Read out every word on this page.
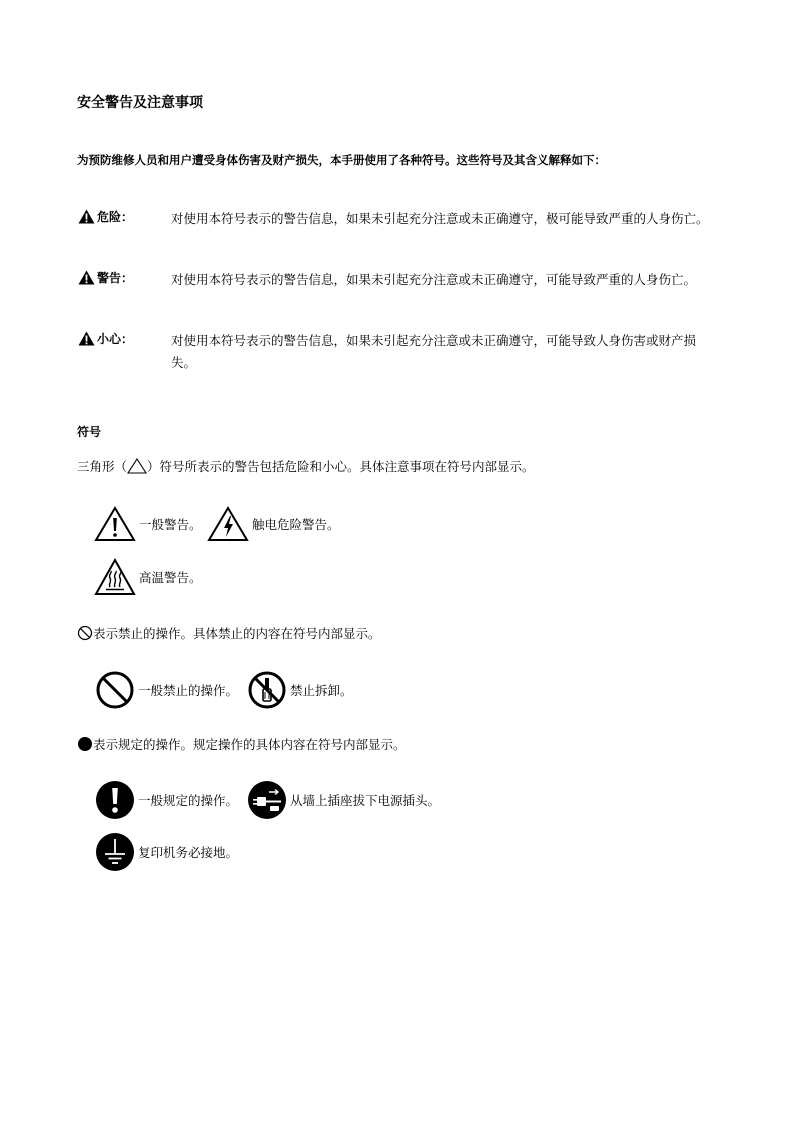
安全警告及注意事项
为预防维修人员和用户遭受身体伤害及财产损失，本手册使用了各种符号。这些符号及其含义解释如下：
危险 ：	对使用本符号表示的警告信息，如果未引起充分注意或未正确遵守，极可能导致严重的人身伤亡。
警告 ：	对使用本符号表示的警告信息，如果未引起充分注意或未正确遵守，可能导致严重的人身伤亡。
小心 ：	对使用本符号表示的警告信息，如果未引起充分注意或未正确遵守，可能导致人身伤害或财产损失。
符号
三角形（ ）符号所表示的警告包括危险和小心。具体注意事项在符号内部显示。
一般警告。	触电危险警告。
高温警告。
表示禁止的操作。具体禁止的内容在符号内部显示。
一般禁止的操作。	禁止拆卸。
表示规定的操作。规定操作的具体内容在符号内部显示。
一般规定的操作。	从墙上插座拔下电源插头。
复印机务必接地。
